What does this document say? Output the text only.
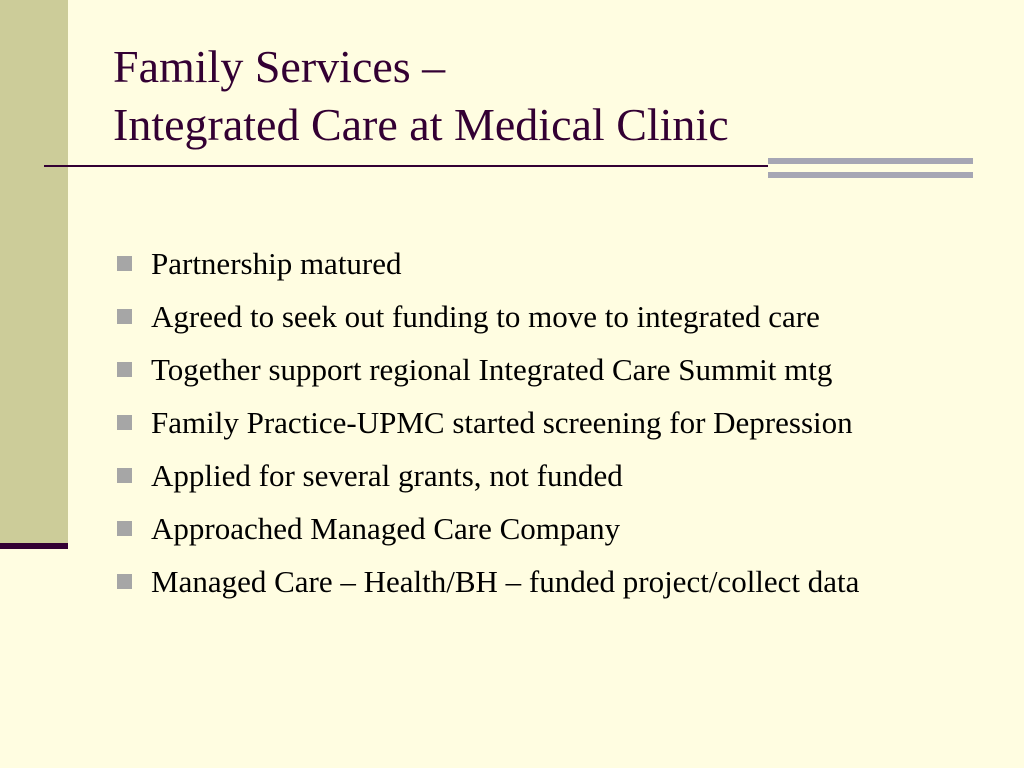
Family Services –
Integrated Care at Medical Clinic
Partnership matured
Agreed to seek out funding to move to integrated care
Together support regional Integrated Care Summit mtg
Family Practice-UPMC started screening for Depression
Applied for several grants, not funded
Approached Managed Care Company
Managed Care – Health/BH – funded project/collect data
